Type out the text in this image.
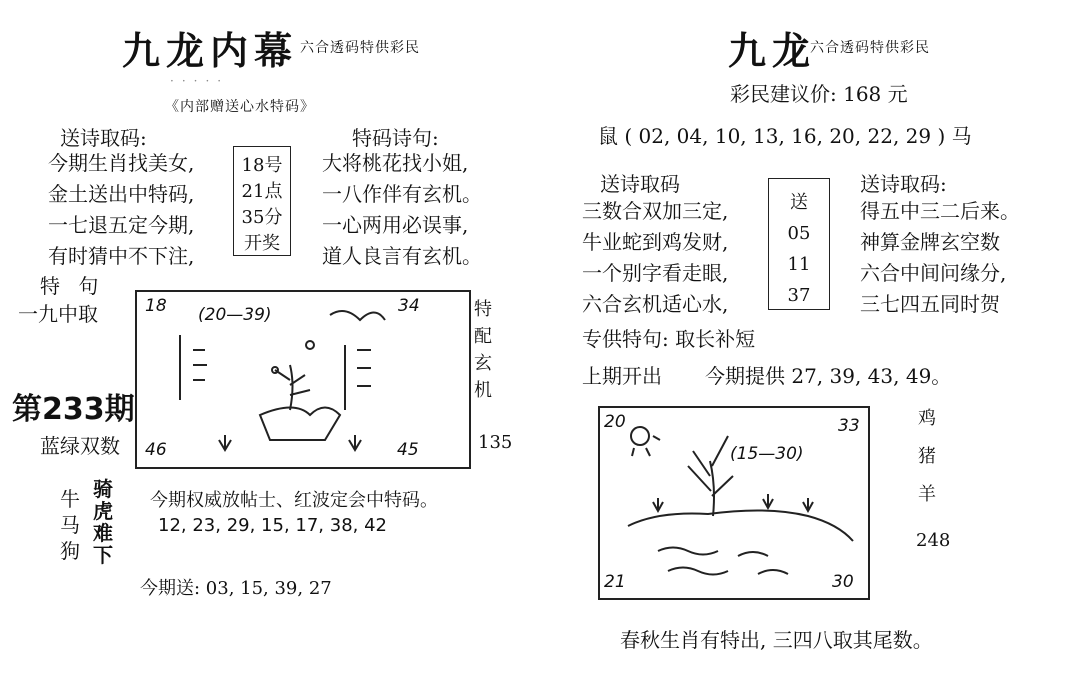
九龙内幕 六合透码特供彩民
·····
《内部赠送心水特码》
送诗取码:
今期生肖找美女,
金土送出中特码,
一七退五定今期,
有时猜中不下注,
18号
21点
35分
开奖
特码诗句:
大将桃花找小姐,
一八作伴有玄机。
一心两用必误事,
道人良言有玄机。
特 句
一九中取
第233期
蓝绿双数
18	34
46	45
(20—39)	特
配
玄
机
135
牛
马
狗
骑
虎
难
下
今期权威放帖士、红波定会中特码。
12, 23, 29, 15, 17, 38, 42
今期送: 03, 15, 39, 27
九龙
六合透码特供彩民
彩民建议价: 168 元
鼠 ( 02, 04, 10, 13, 16, 20, 22, 29 ) 马
送诗取码
三数合双加三定,
牛业蛇到鸡发财,
一个别字看走眼,
六合玄机适心水,
送
05
11
37
送诗取码:
得五中三二后来。
神算金牌玄空数
六合中间问缘分,
三七四五同时贺
专供特句: 取长补短
上期开出 今期提供 27, 39, 43, 49。
20	33
21	30
(15—30)
鸡
猪
羊
248
春秋生肖有特出, 三四八取其尾数。
